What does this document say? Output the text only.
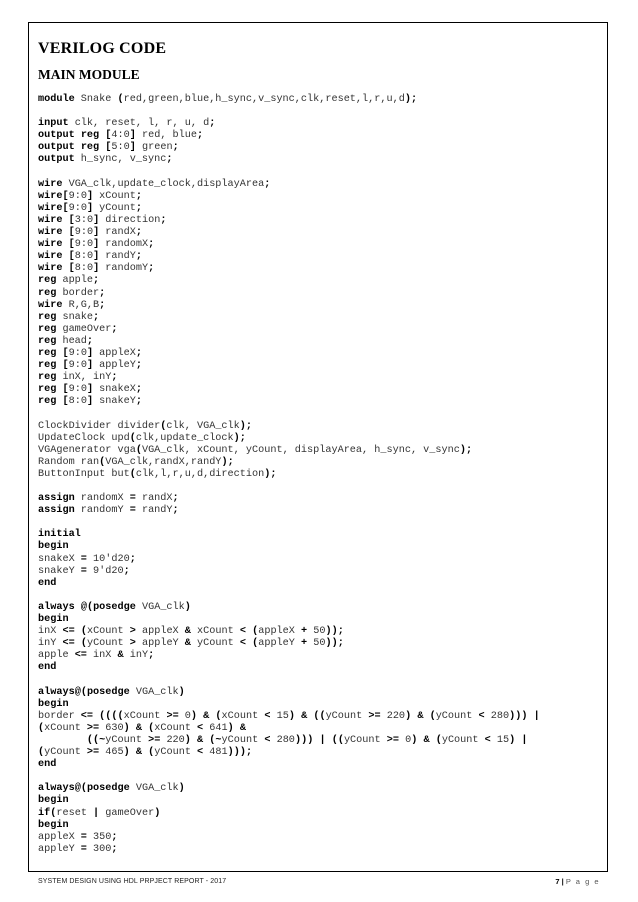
VERILOG CODE
MAIN MODULE
module Snake (red,green,blue,h_sync,v_sync,clk,reset,l,r,u,d);
input clk, reset, l, r, u, d;
output reg [4:0] red, blue;
output reg [5:0] green;
output h_sync, v_sync;
wire VGA_clk,update_clock,displayArea;
wire[9:0] xCount;
wire[9:0] yCount;
wire [3:0] direction;
wire [9:0] randX;
wire [9:0] randomX;
wire [8:0] randY;
wire [8:0] randomY;
reg apple;
reg border;
wire R,G,B;
reg snake;
reg gameOver;
reg head;
reg [9:0] appleX;
reg [9:0] appleY;
reg inX, inY;
reg [9:0] snakeX;
reg [8:0] snakeY;
ClockDivider divider(clk, VGA_clk);
UpdateClock upd(clk,update_clock);
VGAgenerator vga(VGA_clk, xCount, yCount, displayArea, h_sync, v_sync);
Random ran(VGA_clk,randX,randY);
ButtonInput but(clk,l,r,u,d,direction);
assign randomX = randX;
assign randomY = randY;
initial
begin
snakeX = 10'd20;
snakeY = 9'd20;
end
always @(posedge VGA_clk)
begin
inX <= (xCount > appleX & xCount < (appleX + 50));
inY <= (yCount > appleY & yCount < (appleY + 50));
apple <= inX & inY;
end
always@(posedge VGA_clk)
begin
border <= ((((xCount >= 0) & (xCount < 15) & ((yCount >= 220) & (yCount < 280))) |
(xCount >= 630) & (xCount < 641) &
((~yCount >= 220) & (~yCount < 280))) | ((yCount >= 0) & (yCount < 15) |
(yCount >= 465) & (yCount < 481)));
end
always@(posedge VGA_clk)
begin
if(reset | gameOver)
begin
appleX = 350;
appleY = 300;
SYSTEM DESIGN USING HDL PRPJECT REPORT - 2017	7 | P a g e
